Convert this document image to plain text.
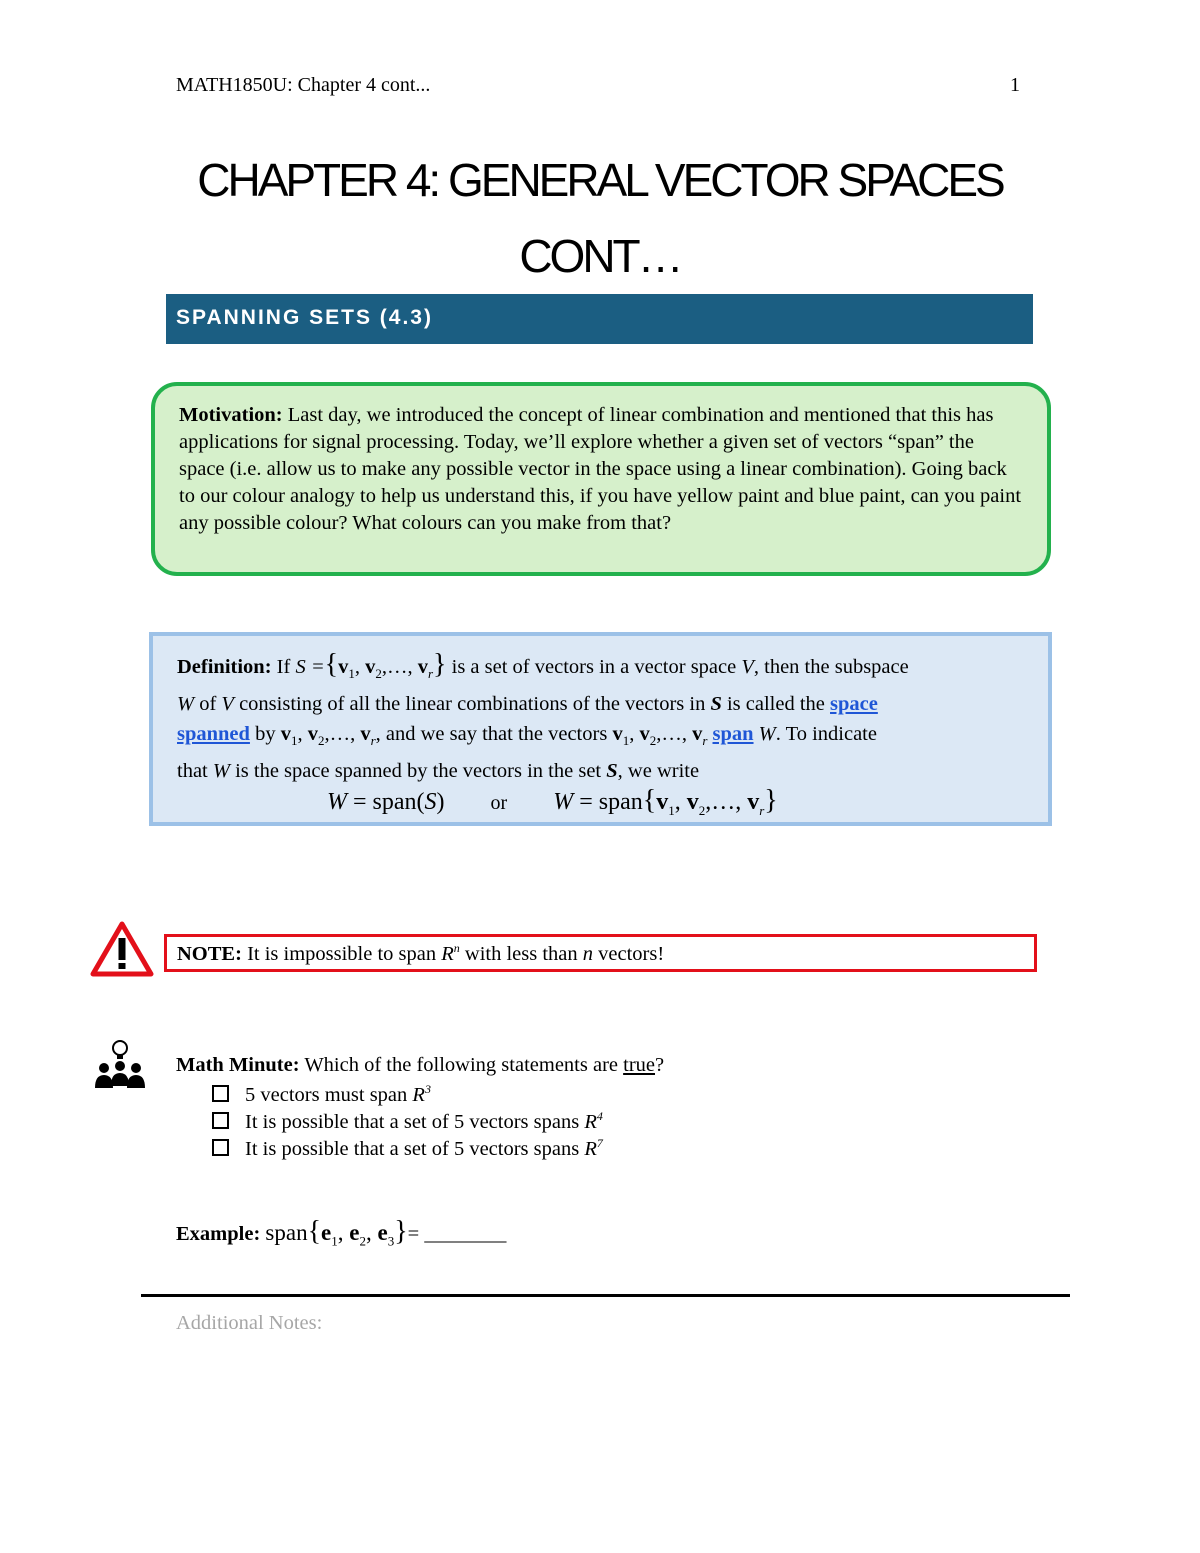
MATH1850U: Chapter 4 cont...	1
CHAPTER 4: GENERAL VECTOR SPACES
CONT…
SPANNING SETS (4.3)
Motivation: Last day, we introduced the concept of linear combination and mentioned that this has applications for signal processing. Today, we’ll explore whether a given set of vectors “span” the space (i.e. allow us to make any possible vector in the space using a linear combination). Going back to our colour analogy to help us understand this, if you have yellow paint and blue paint, can you paint any possible colour? What colours can you make from that?
Definition: If $S =\{v_1$, $v_2,\dots$, $v_r$} is a set of vectors in a vector space V, then the subspace
W of V consisting of all the linear combinations of the vectors in S is called the space
spanned by $v_1$, $v_2,\dots$, $v_r$, and we say that the vectors $v_1$, $v_2,\dots$, $v_r$ span W. To indicate
that W is the space spanned by the vectors in the set S, we write
W = span(S) or $W = span\{v_1$, $v_2,\dots$, $v_r$}
NOTE: It is impossible to span $R^n$ with less than n vectors!
Math Minute: Which of the following statements are true?
5 vectors must span $R^3$
It is possible that a set of 5 vectors spans $R^4$
It is possible that a set of 5 vectors spans $R^7$
Example: $span\{e_1$, $e_2$, $e_3\}=$ ________
Additional Notes:
